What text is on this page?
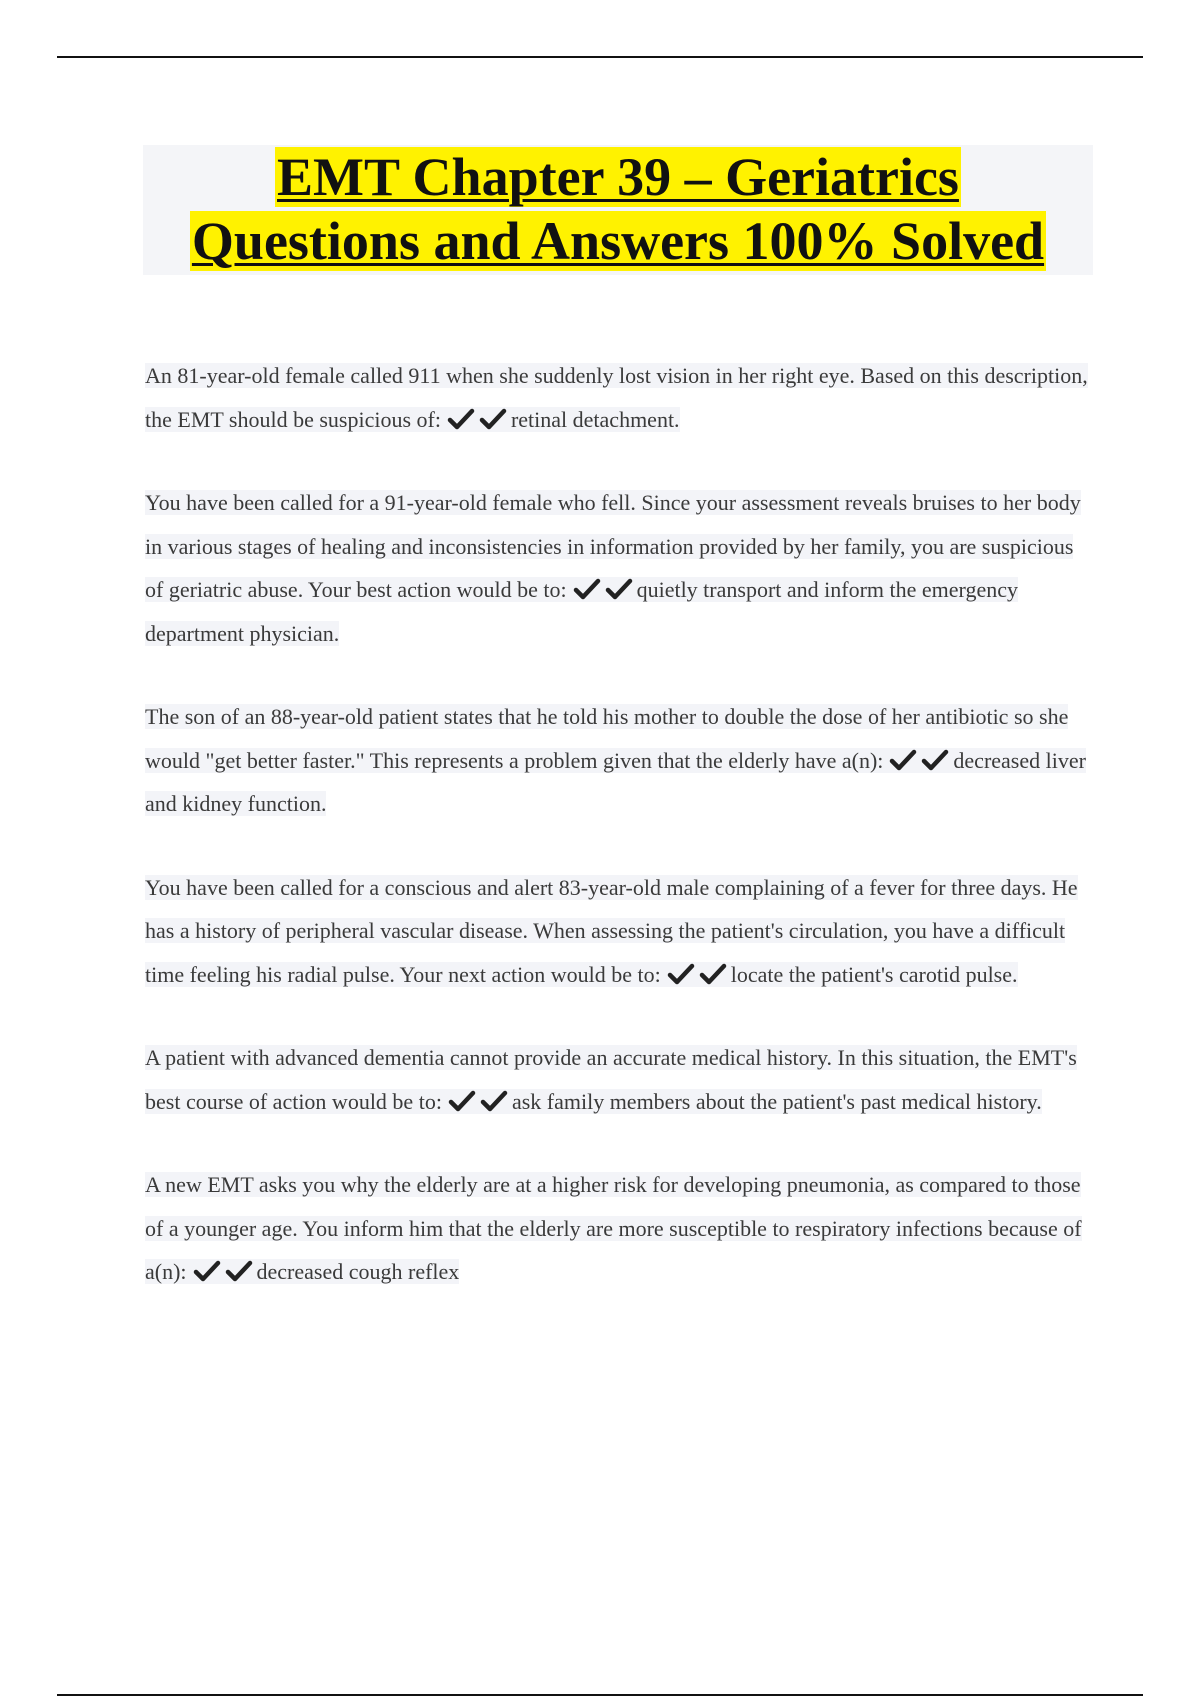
EMT Chapter 39 – Geriatrics
Questions and Answers 100% Solved

An 81-year-old female called 911 when she suddenly lost vision in her right eye. Based on this description, the EMT should be suspicious of:	retinal detachment.

You have been called for a 91-year-old female who fell. Since your assessment reveals bruises to her body in various stages of healing and inconsistencies in information provided by her family, you are suspicious of geriatric abuse. Your best action would be to:	quietly transport and inform the emergency department physician.

The son of an 88-year-old patient states that he told his mother to double the dose of her antibiotic so she would "get better faster." This represents a problem given that the elderly have a(n):	decreased liver and kidney function.

You have been called for a conscious and alert 83-year-old male complaining of a fever for three days. He has a history of peripheral vascular disease. When assessing the patient's circulation, you have a difficult time feeling his radial pulse. Your next action would be to:	locate the patient's carotid pulse.

A patient with advanced dementia cannot provide an accurate medical history. In this situation, the EMT's best course of action would be to:	ask family members about the patient's past medical history.

A new EMT asks you why the elderly are at a higher risk for developing pneumonia, as compared to those of a younger age. You inform him that the elderly are more susceptible to respiratory infections because of a(n):	decreased cough reflex
